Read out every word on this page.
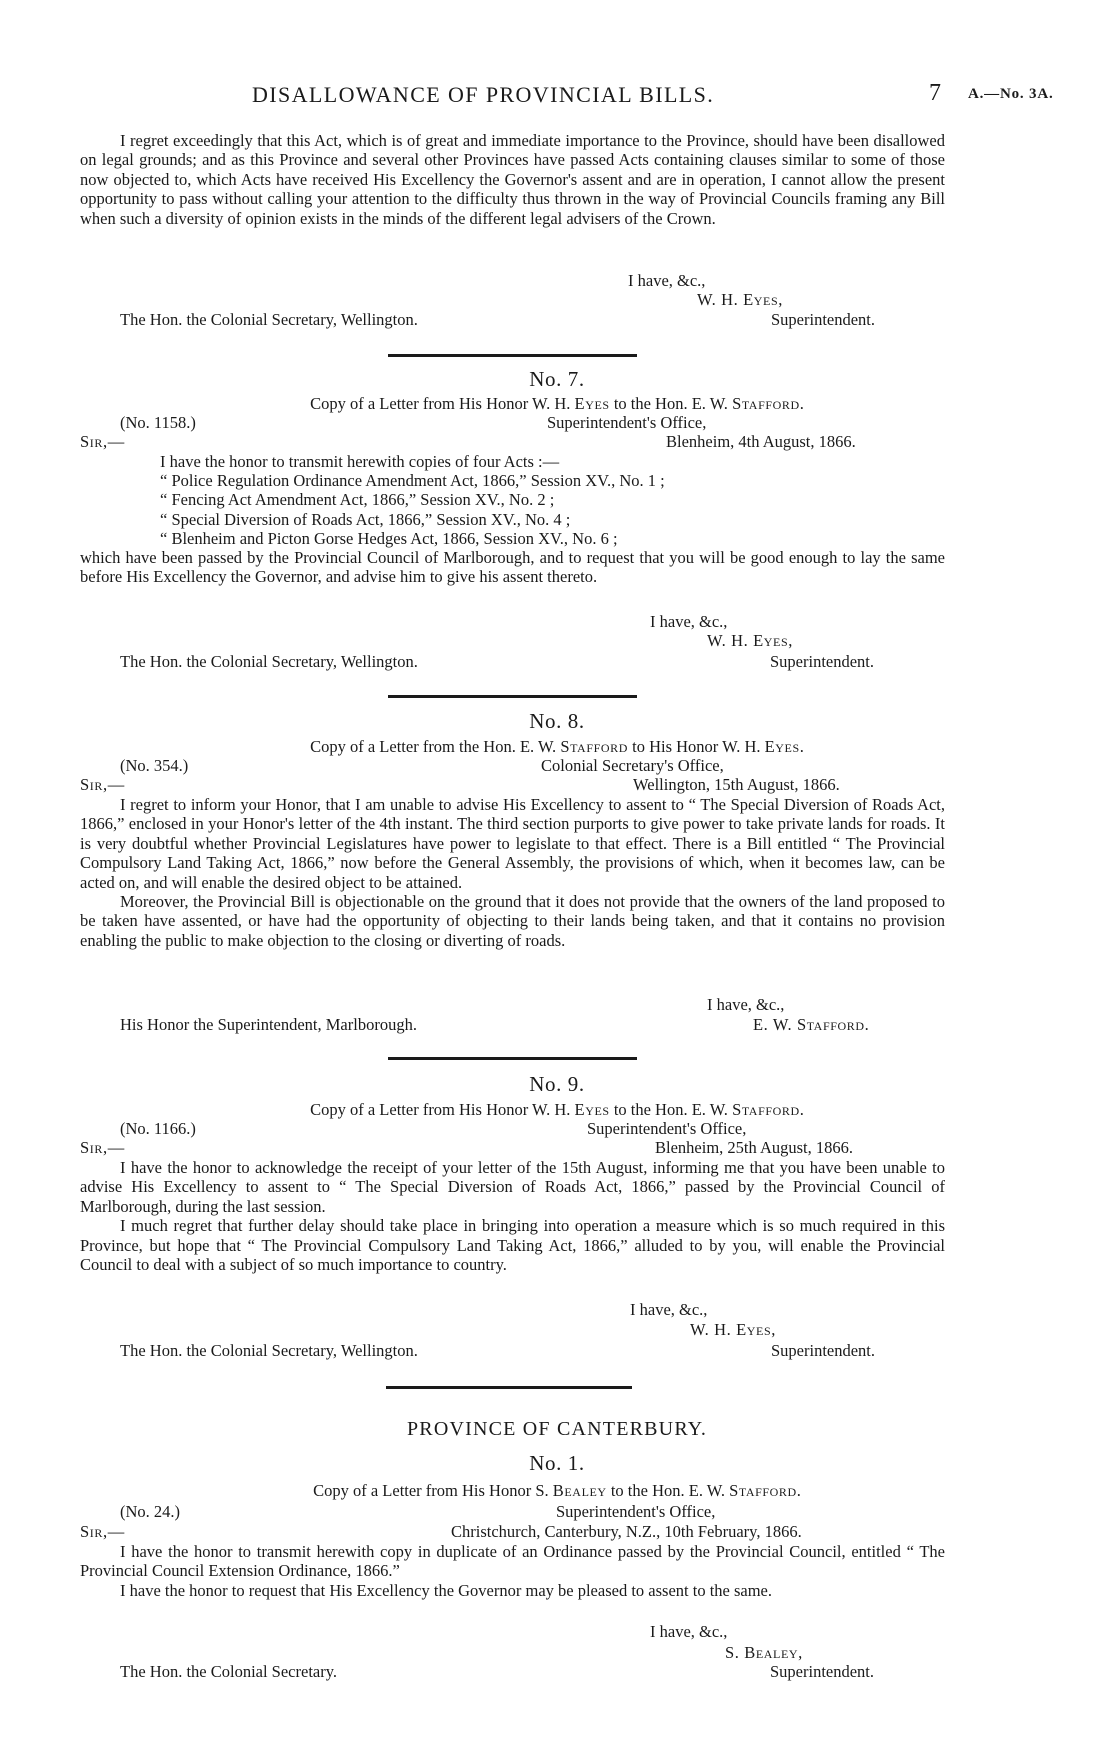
DISALLOWANCE OF PROVINCIAL BILLS.	7 A.—No. 3A.

I regret exceedingly that this Act, which is of great and immediate importance to the Province, should have been disallowed on legal grounds; and as this Province and several other Provinces have passed Acts containing clauses similar to some of those now objected to, which Acts have received His Excellency the Governor's assent and are in operation, I cannot allow the present opportunity to pass without calling your attention to the difficulty thus thrown in the way of Provincial Councils framing any Bill when such a diversity of opinion exists in the minds of the different legal advisers of the Crown.

I have, &c.,
W. H. Eyes,
The Hon. the Colonial Secretary, Wellington.	Superintendent.
No. 7.
Copy of a Letter from His Honor W. H. Eyes to the Hon. E. W. Stafford.
(No. 1158.)	Superintendent's Office,
Sir,—	Blenheim, 4th August, 1866.
I have the honor to transmit herewith copies of four Acts :—
“ Police Regulation Ordinance Amendment Act, 1866,” Session XV., No. 1 ;
“ Fencing Act Amendment Act, 1866,” Session XV., No. 2 ;
“ Special Diversion of Roads Act, 1866,” Session XV., No. 4 ;
“ Blenheim and Picton Gorse Hedges Act, 1866, Session XV., No. 6 ;

which have been passed by the Provincial Council of Marlborough, and to request that you will be good enough to lay the same before His Excellency the Governor, and advise him to give his assent thereto.

I have, &c.,
W. H. Eyes,
The Hon. the Colonial Secretary, Wellington.	Superintendent.
No. 8.
Copy of a Letter from the Hon. E. W. Stafford to His Honor W. H. Eyes.
(No. 354.)	Colonial Secretary's Office,
Sir,—	Wellington, 15th August, 1866.

I regret to inform your Honor, that I am unable to advise His Excellency to assent to “ The Special Diversion of Roads Act, 1866,” enclosed in your Honor's letter of the 4th instant. The third section purports to give power to take private lands for roads. It is very doubtful whether Provincial Legislatures have power to legislate to that effect. There is a Bill entitled “ The Provincial Compulsory Land Taking Act, 1866,” now before the General Assembly, the provisions of which, when it becomes law, can be acted on, and will enable the desired object to be attained.

Moreover, the Provincial Bill is objectionable on the ground that it does not provide that the owners of the land proposed to be taken have assented, or have had the opportunity of objecting to their lands being taken, and that it contains no provision enabling the public to make objection to the closing or diverting of roads.

I have, &c.,
His Honor the Superintendent, Marlborough.	E. W. Stafford.
No. 9.
Copy of a Letter from His Honor W. H. Eyes to the Hon. E. W. Stafford.
(No. 1166.)	Superintendent's Office,
Sir,—	Blenheim, 25th August, 1866.

I have the honor to acknowledge the receipt of your letter of the 15th August, informing me that you have been unable to advise His Excellency to assent to “ The Special Diversion of Roads Act, 1866,” passed by the Provincial Council of Marlborough, during the last session.

I much regret that further delay should take place in bringing into operation a measure which is so much required in this Province, but hope that “ The Provincial Compulsory Land Taking Act, 1866,” alluded to by you, will enable the Provincial Council to deal with a subject of so much importance to country.

I have, &c.,
W. H. Eyes,
The Hon. the Colonial Secretary, Wellington.	Superintendent.
PROVINCE OF CANTERBURY.
No. 1.
Copy of a Letter from His Honor S. Bealey to the Hon. E. W. Stafford.
(No. 24.)	Superintendent's Office,
Sir,—	Christchurch, Canterbury, N.Z., 10th February, 1866.

I have the honor to transmit herewith copy in duplicate of an Ordinance passed by the Provincial Council, entitled “ The Provincial Council Extension Ordinance, 1866.”

I have the honor to request that His Excellency the Governor may be pleased to assent to the same.

I have, &c.,
S. Bealey,
The Hon. the Colonial Secretary.	Superintendent.
